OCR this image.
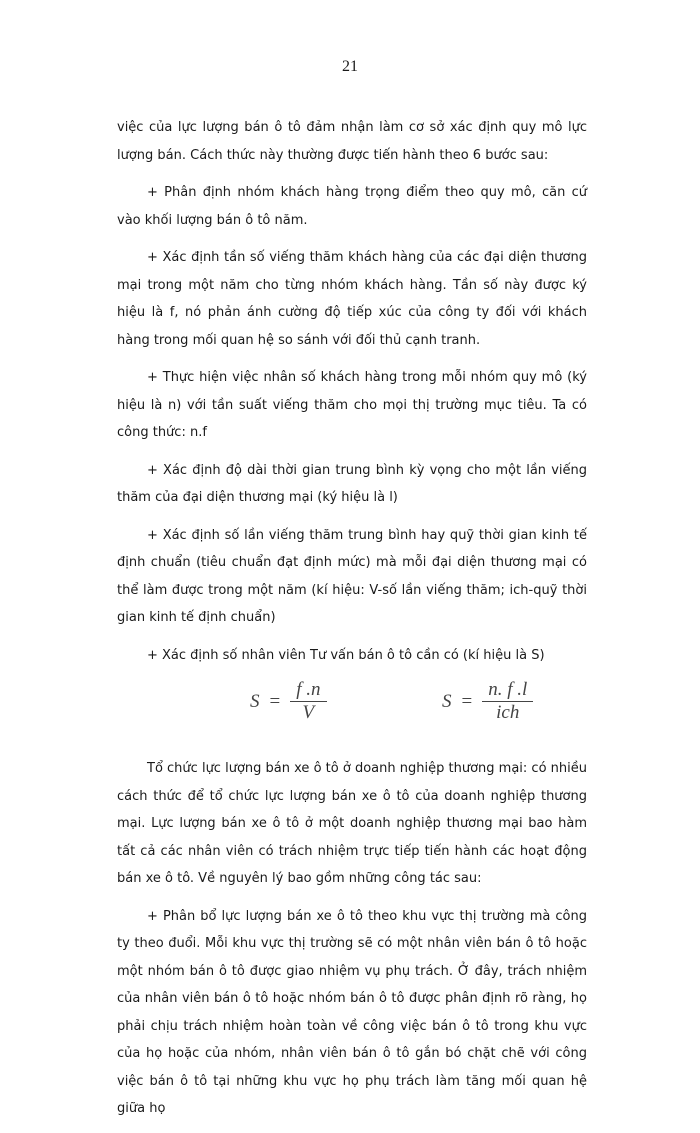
21

việc của lực lượng bán ô tô đảm nhận làm cơ sở xác định quy mô lực lượng bán. Cách thức này thường được tiến hành theo 6 bước sau:

+ Phân định nhóm khách hàng trọng điểm theo quy mô, căn cứ vào khối lượng bán ô tô năm.

+ Xác định tần số viếng thăm khách hàng của các đại diện thương mại trong một năm cho từng nhóm khách hàng. Tần số này được ký hiệu là f, nó phản ánh cường độ tiếp xúc của công ty đối với khách hàng trong mối quan hệ so sánh với đối thủ cạnh tranh.

+ Thực hiện việc nhân số khách hàng trong mỗi nhóm quy mô (ký hiệu là n) với tần suất viếng thăm cho mọi thị trường mục tiêu. Ta có công thức: n.f

+ Xác định độ dài thời gian trung bình kỳ vọng cho một lần viếng thăm của đại diện thương mại (ký hiệu là l)

+ Xác định số lần viếng thăm trung bình hay quỹ thời gian kinh tế định chuẩn (tiêu chuẩn đạt định mức) mà mỗi đại diện thương mại có thể làm được trong một năm (kí hiệu: V-số lần viếng thăm; ich-quỹ thời gian kinh tế định chuẩn)

+ Xác định số nhân viên Tư vấn bán ô tô cần có (kí hiệu là S)

$S = \frac{f .n}{V}$	$S = \frac{n. f .l}{\text{ich}}$

Tổ chức lực lượng bán xe ô tô ở doanh nghiệp thương mại: có nhiều cách thức để tổ chức lực lượng bán xe ô tô của doanh nghiệp thương mại. Lực lượng bán xe ô tô ở một doanh nghiệp thương mại bao hàm tất cả các nhân viên có trách nhiệm trực tiếp tiến hành các hoạt động bán xe ô tô. Về nguyên lý bao gồm những công tác sau:

+ Phân bổ lực lượng bán xe ô tô theo khu vực thị trường mà công ty theo đuổi. Mỗi khu vực thị trường sẽ có một nhân viên bán ô tô hoặc một nhóm bán ô tô được giao nhiệm vụ phụ trách. Ở đây, trách nhiệm của nhân viên bán ô tô hoặc nhóm bán ô tô được phân định rõ ràng, họ phải chịu trách nhiệm hoàn toàn về công việc bán ô tô trong khu vực của họ hoặc của nhóm, nhân viên bán ô tô gắn bó chặt chẽ với công việc bán ô tô tại những khu vực họ phụ trách làm tăng mối quan hệ giữa họ
